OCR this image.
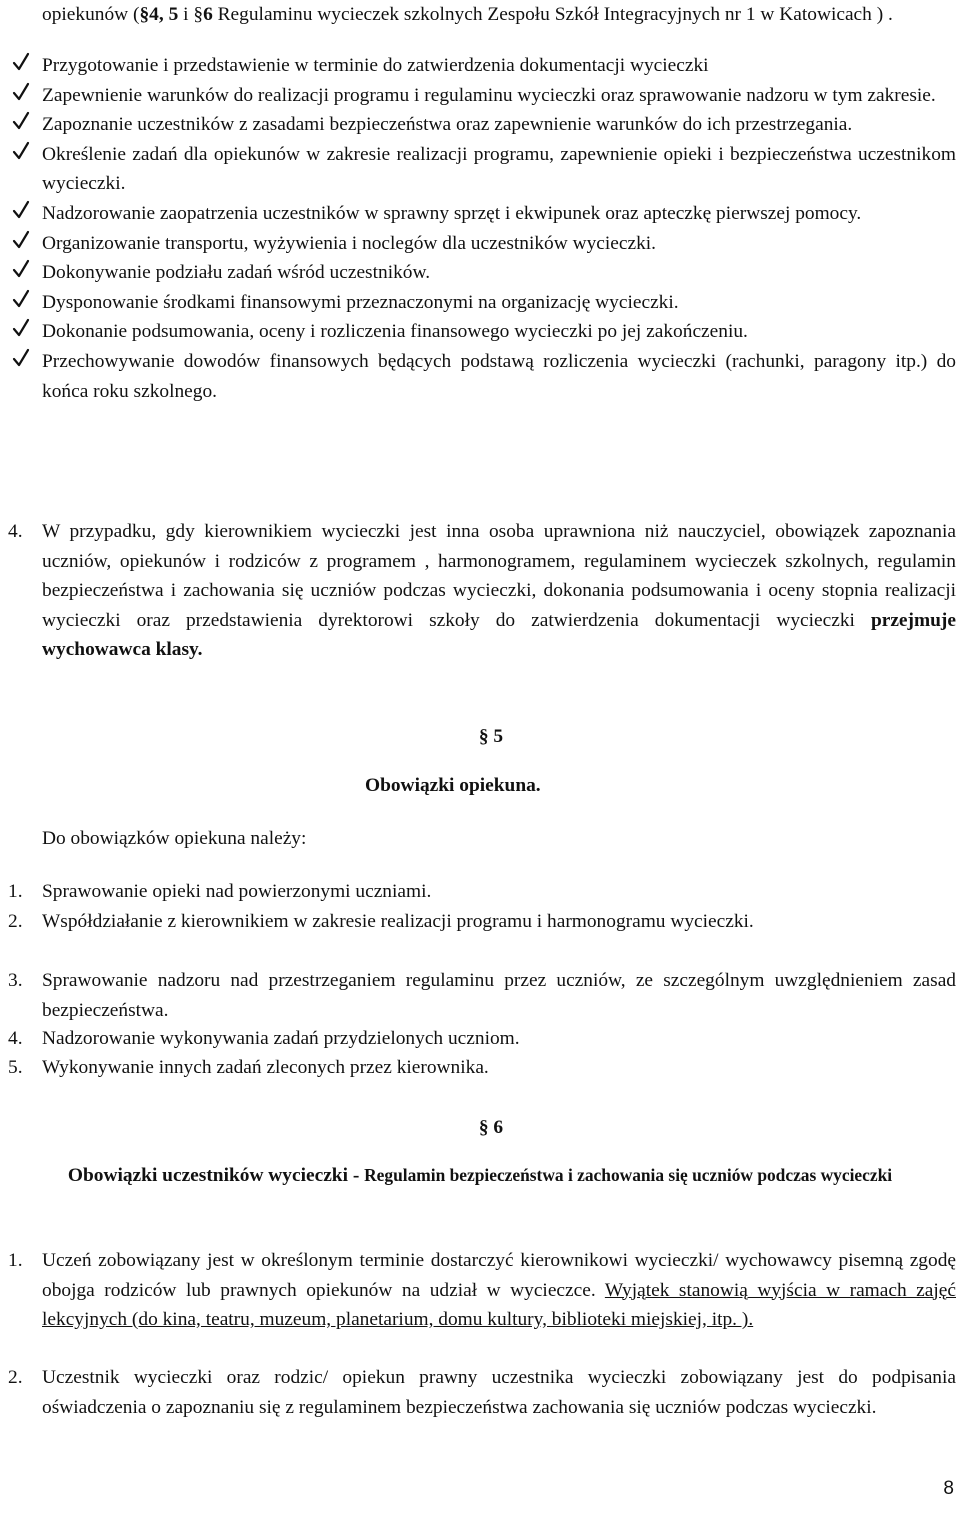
opiekunów (§4, 5 i §6 Regulaminu wycieczek szkolnych Zespołu Szkół Integracyjnych nr 1 w Katowicach ) .
Przygotowanie i przedstawienie w terminie do zatwierdzenia dokumentacji wycieczki
Zapewnienie warunków do realizacji programu i regulaminu wycieczki oraz sprawowanie nadzoru w tym zakresie.
Zapoznanie uczestników z zasadami bezpieczeństwa oraz zapewnienie warunków do ich przestrzegania.
Określenie zadań dla opiekunów w zakresie realizacji programu, zapewnienie opieki i bezpieczeństwa uczestnikom wycieczki.
Nadzorowanie zaopatrzenia uczestników w sprawny sprzęt i ekwipunek oraz apteczkę pierwszej pomocy.
Organizowanie transportu, wyżywienia i noclegów dla uczestników wycieczki.
Dokonywanie podziału zadań wśród uczestników.
Dysponowanie środkami finansowymi przeznaczonymi na organizację wycieczki.
Dokonanie podsumowania, oceny i rozliczenia finansowego wycieczki po jej zakończeniu.
Przechowywanie dowodów finansowych będących podstawą rozliczenia wycieczki (rachunki, paragony itp.) do końca roku szkolnego.
4. W przypadku, gdy kierownikiem wycieczki jest inna osoba uprawniona niż nauczyciel, obowiązek zapoznania uczniów, opiekunów i rodziców z programem , harmonogramem, regulaminem wycieczek szkolnych, regulamin bezpieczeństwa i zachowania się uczniów podczas wycieczki, dokonania podsumowania i oceny stopnia realizacji wycieczki oraz przedstawienia dyrektorowi szkoły do zatwierdzenia dokumentacji wycieczki przejmuje wychowawca klasy.
§ 5
Obowiązki opiekuna.
Do obowiązków opiekuna należy:
1. Sprawowanie opieki nad powierzonymi uczniami.
2. Współdziałanie z kierownikiem w zakresie realizacji programu i harmonogramu wycieczki.
3. Sprawowanie nadzoru nad przestrzeganiem regulaminu przez uczniów, ze szczególnym uwzględnieniem zasad bezpieczeństwa.
4. Nadzorowanie wykonywania zadań przydzielonych uczniom.
5. Wykonywanie innych zadań zleconych przez kierownika.
§ 6
Obowiązki uczestników wycieczki - Regulamin bezpieczeństwa i zachowania się uczniów podczas wycieczki
1. Uczeń zobowiązany jest w określonym terminie dostarczyć kierownikowi wycieczki/ wychowawcy pisemną zgodę obojga rodziców lub prawnych opiekunów na udział w wycieczce. Wyjątek stanowią wyjścia w ramach zajęć lekcyjnych (do kina, teatru, muzeum, planetarium, domu kultury, biblioteki miejskiej, itp. ).
2. Uczestnik wycieczki oraz rodzic/ opiekun prawny uczestnika wycieczki zobowiązany jest do podpisania oświadczenia o zapoznaniu się z regulaminem bezpieczeństwa zachowania się uczniów podczas wycieczki.
8
